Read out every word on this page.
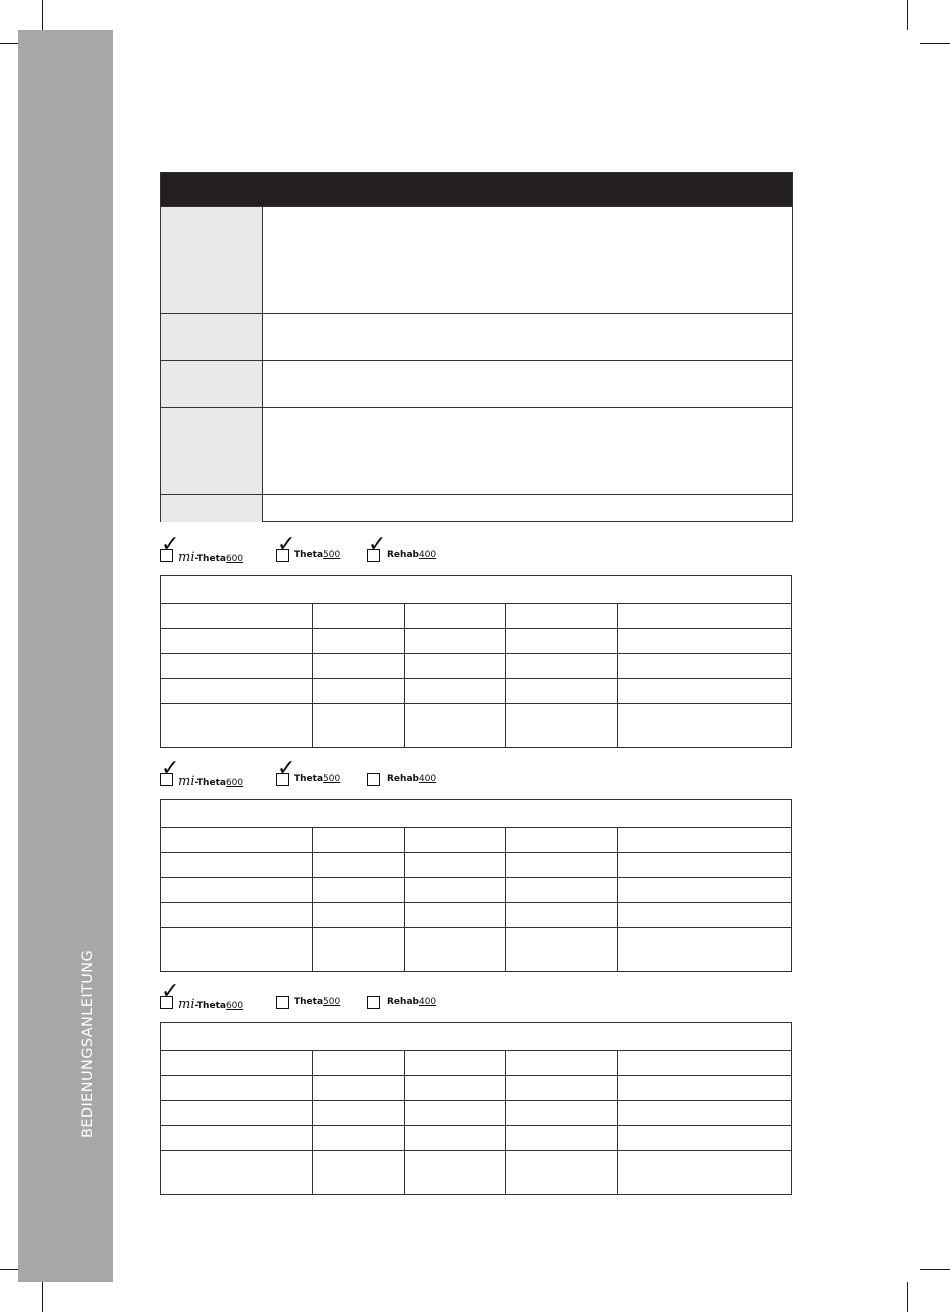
BEDIENUNGSANLEITUNG
✓
mi-Theta600
✓
Theta500 ✓ Rehab400

✓
mi-Theta600
✓
Theta500	Rehab400

✓
mi-Theta600	Theta500	Rehab400
